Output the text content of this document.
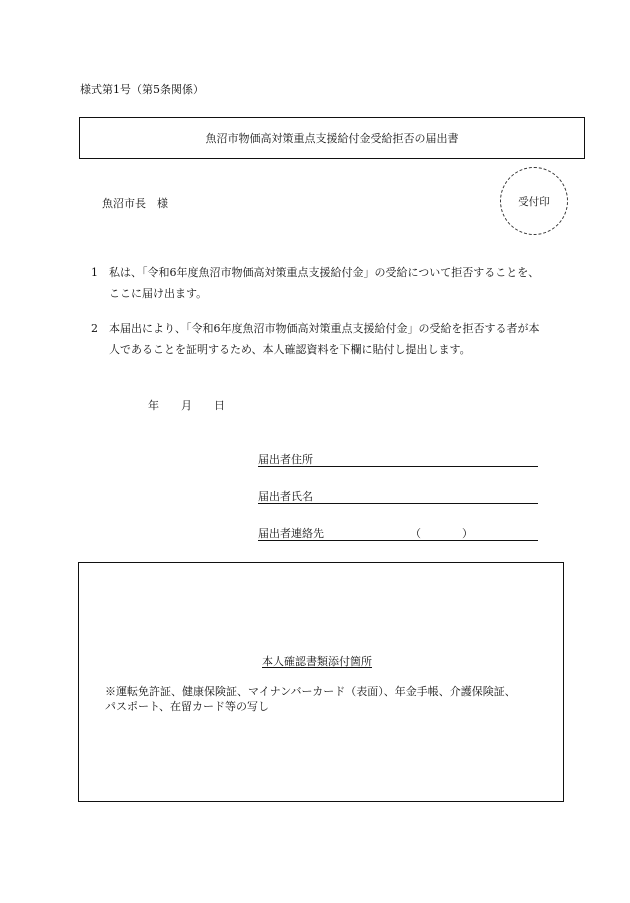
様式第1号（第5条関係）
魚沼市物価高対策重点支援給付金受給拒否の届出書
魚沼市長　様	受付印
1 私は、「令和6年度魚沼市物価高対策重点支援給付金」の受給について拒否することを、
ここに届け出ます。
2 本届出により、「令和6年度魚沼市物価高対策重点支援給付金」の受給を拒否する者が本
人であることを証明するため、本人確認資料を下欄に貼付し提出します。
年 月 日
届出者住所
届出者氏名
届出者連絡先	（	）
本人確認書類添付箇所
※運転免許証、健康保険証、マイナンバーカード（表面）、年金手帳、介護保険証、
パスポート、在留カード等の写し
